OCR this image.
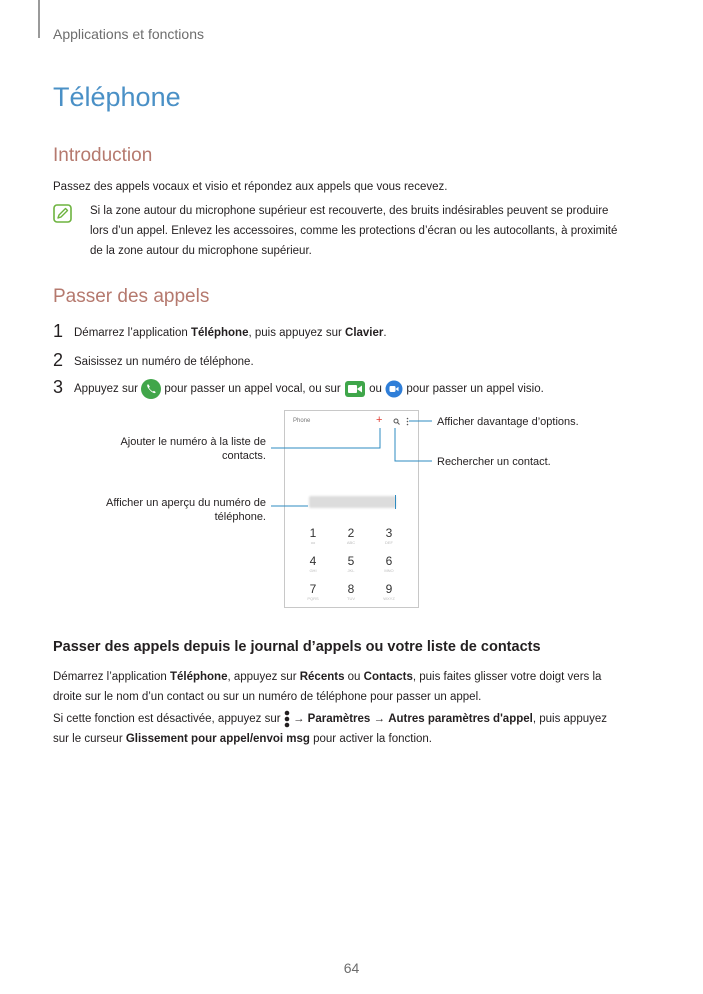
Applications et fonctions
Téléphone
Introduction
Passez des appels vocaux et visio et répondez aux appels que vous recevez.
Si la zone autour du microphone supérieur est recouverte, des bruits indésirables peuvent se produire
lors d’un appel. Enlevez les accessoires, comme les protections d’écran ou les autocollants, à proximité
de la zone autour du microphone supérieur.
Passer des appels
1 Démarrez l’application Téléphone, puis appuyez sur Clavier.
2 Saisissez un numéro de téléphone.
3 Appuyez sur  pour passer un appel vocal, ou sur  ou  pour passer un appel visio.
Phone	+
1
oo
2
ABC
3
DEF
4
GHI
5
JKL
6
MNO
7
PQRS
8
TUV
9
WXYZ
Afficher davantage d’options.
Rechercher un contact.
Ajouter le numéro à la liste de
contacts.
Afficher un aperçu du numéro de
téléphone.
Passer des appels depuis le journal d’appels ou votre liste de contacts
Démarrez l’application Téléphone, appuyez sur Récents ou Contacts, puis faites glisser votre doigt vers la
droite sur le nom d’un contact ou sur un numéro de téléphone pour passer un appel.
Si cette fonction est désactivée, appuyez sur  → Paramètres → Autres paramètres d'appel, puis appuyez
sur le curseur Glissement pour appel/envoi msg pour activer la fonction.
64
